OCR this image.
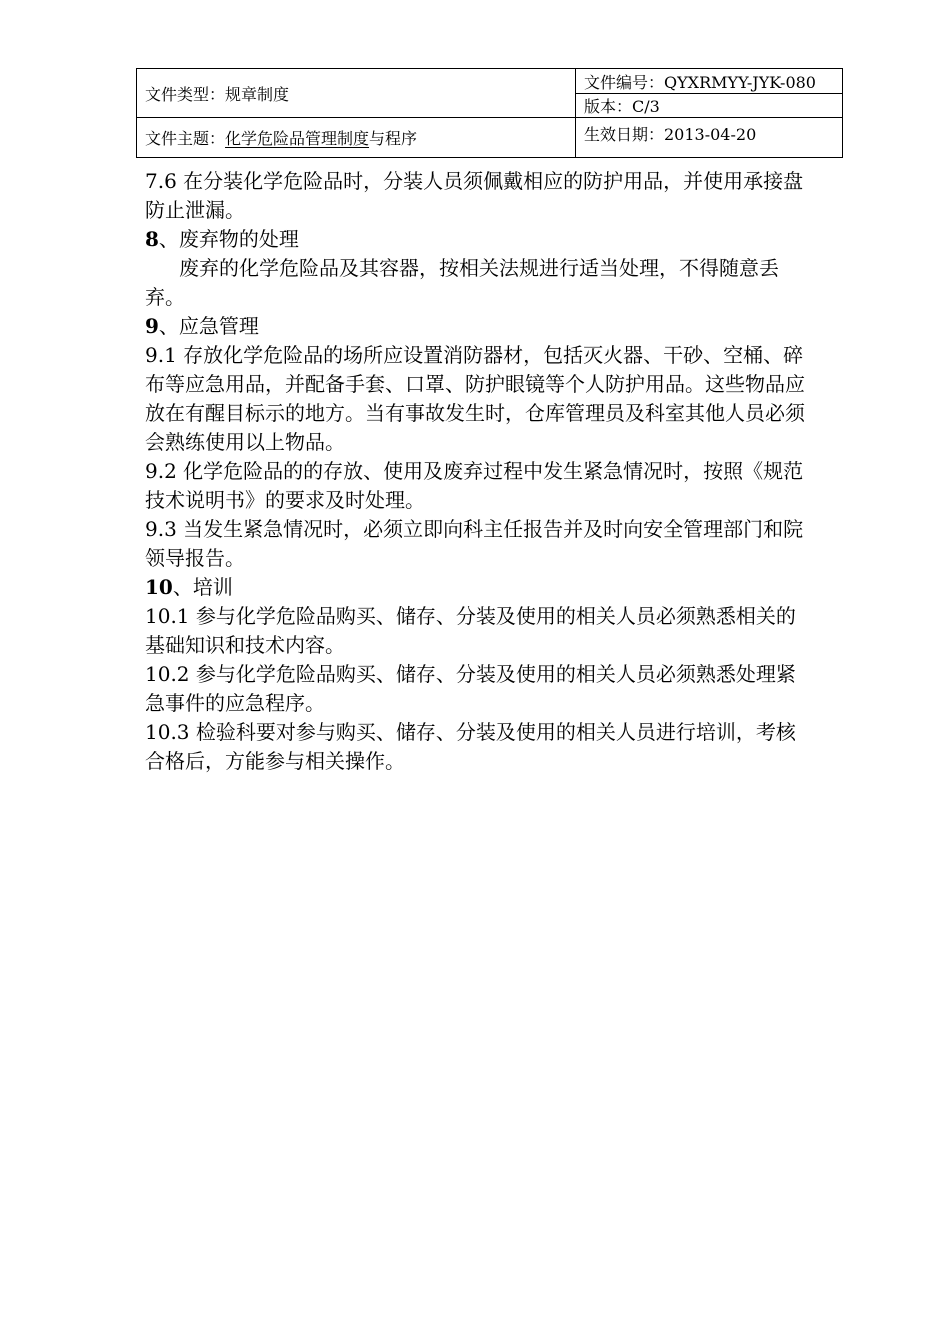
文件类型：规章制度	文件编号：QYXRMYY-JYK-080
	版本：C/3
文件主题：化学危险品管理制度与程序	生效日期：2013-04-20

7.6 在分装化学危险品时，分装人员须佩戴相应的防护用品，并使用承接盘防止泄漏。

8、废弃物的处理

废弃的化学危险品及其容器，按相关法规进行适当处理，不得随意丢弃。

9、应急管理

9.1 存放化学危险品的场所应设置消防器材，包括灭火器、干砂、空桶、碎布等应急用品，并配备手套、口罩、防护眼镜等个人防护用品。这些物品应放在有醒目标示的地方。当有事故发生时，仓库管理员及科室其他人员必须会熟练使用以上物品。

9.2 化学危险品的的存放、使用及废弃过程中发生紧急情况时，按照《规范技术说明书》的要求及时处理。

9.3 当发生紧急情况时，必须立即向科主任报告并及时向安全管理部门和院领导报告。

10、培训

10.1 参与化学危险品购买、储存、分装及使用的相关人员必须熟悉相关的基础知识和技术内容。

10.2 参与化学危险品购买、储存、分装及使用的相关人员必须熟悉处理紧急事件的应急程序。

10.3 检验科要对参与购买、储存、分装及使用的相关人员进行培训，考核合格后，方能参与相关操作。
